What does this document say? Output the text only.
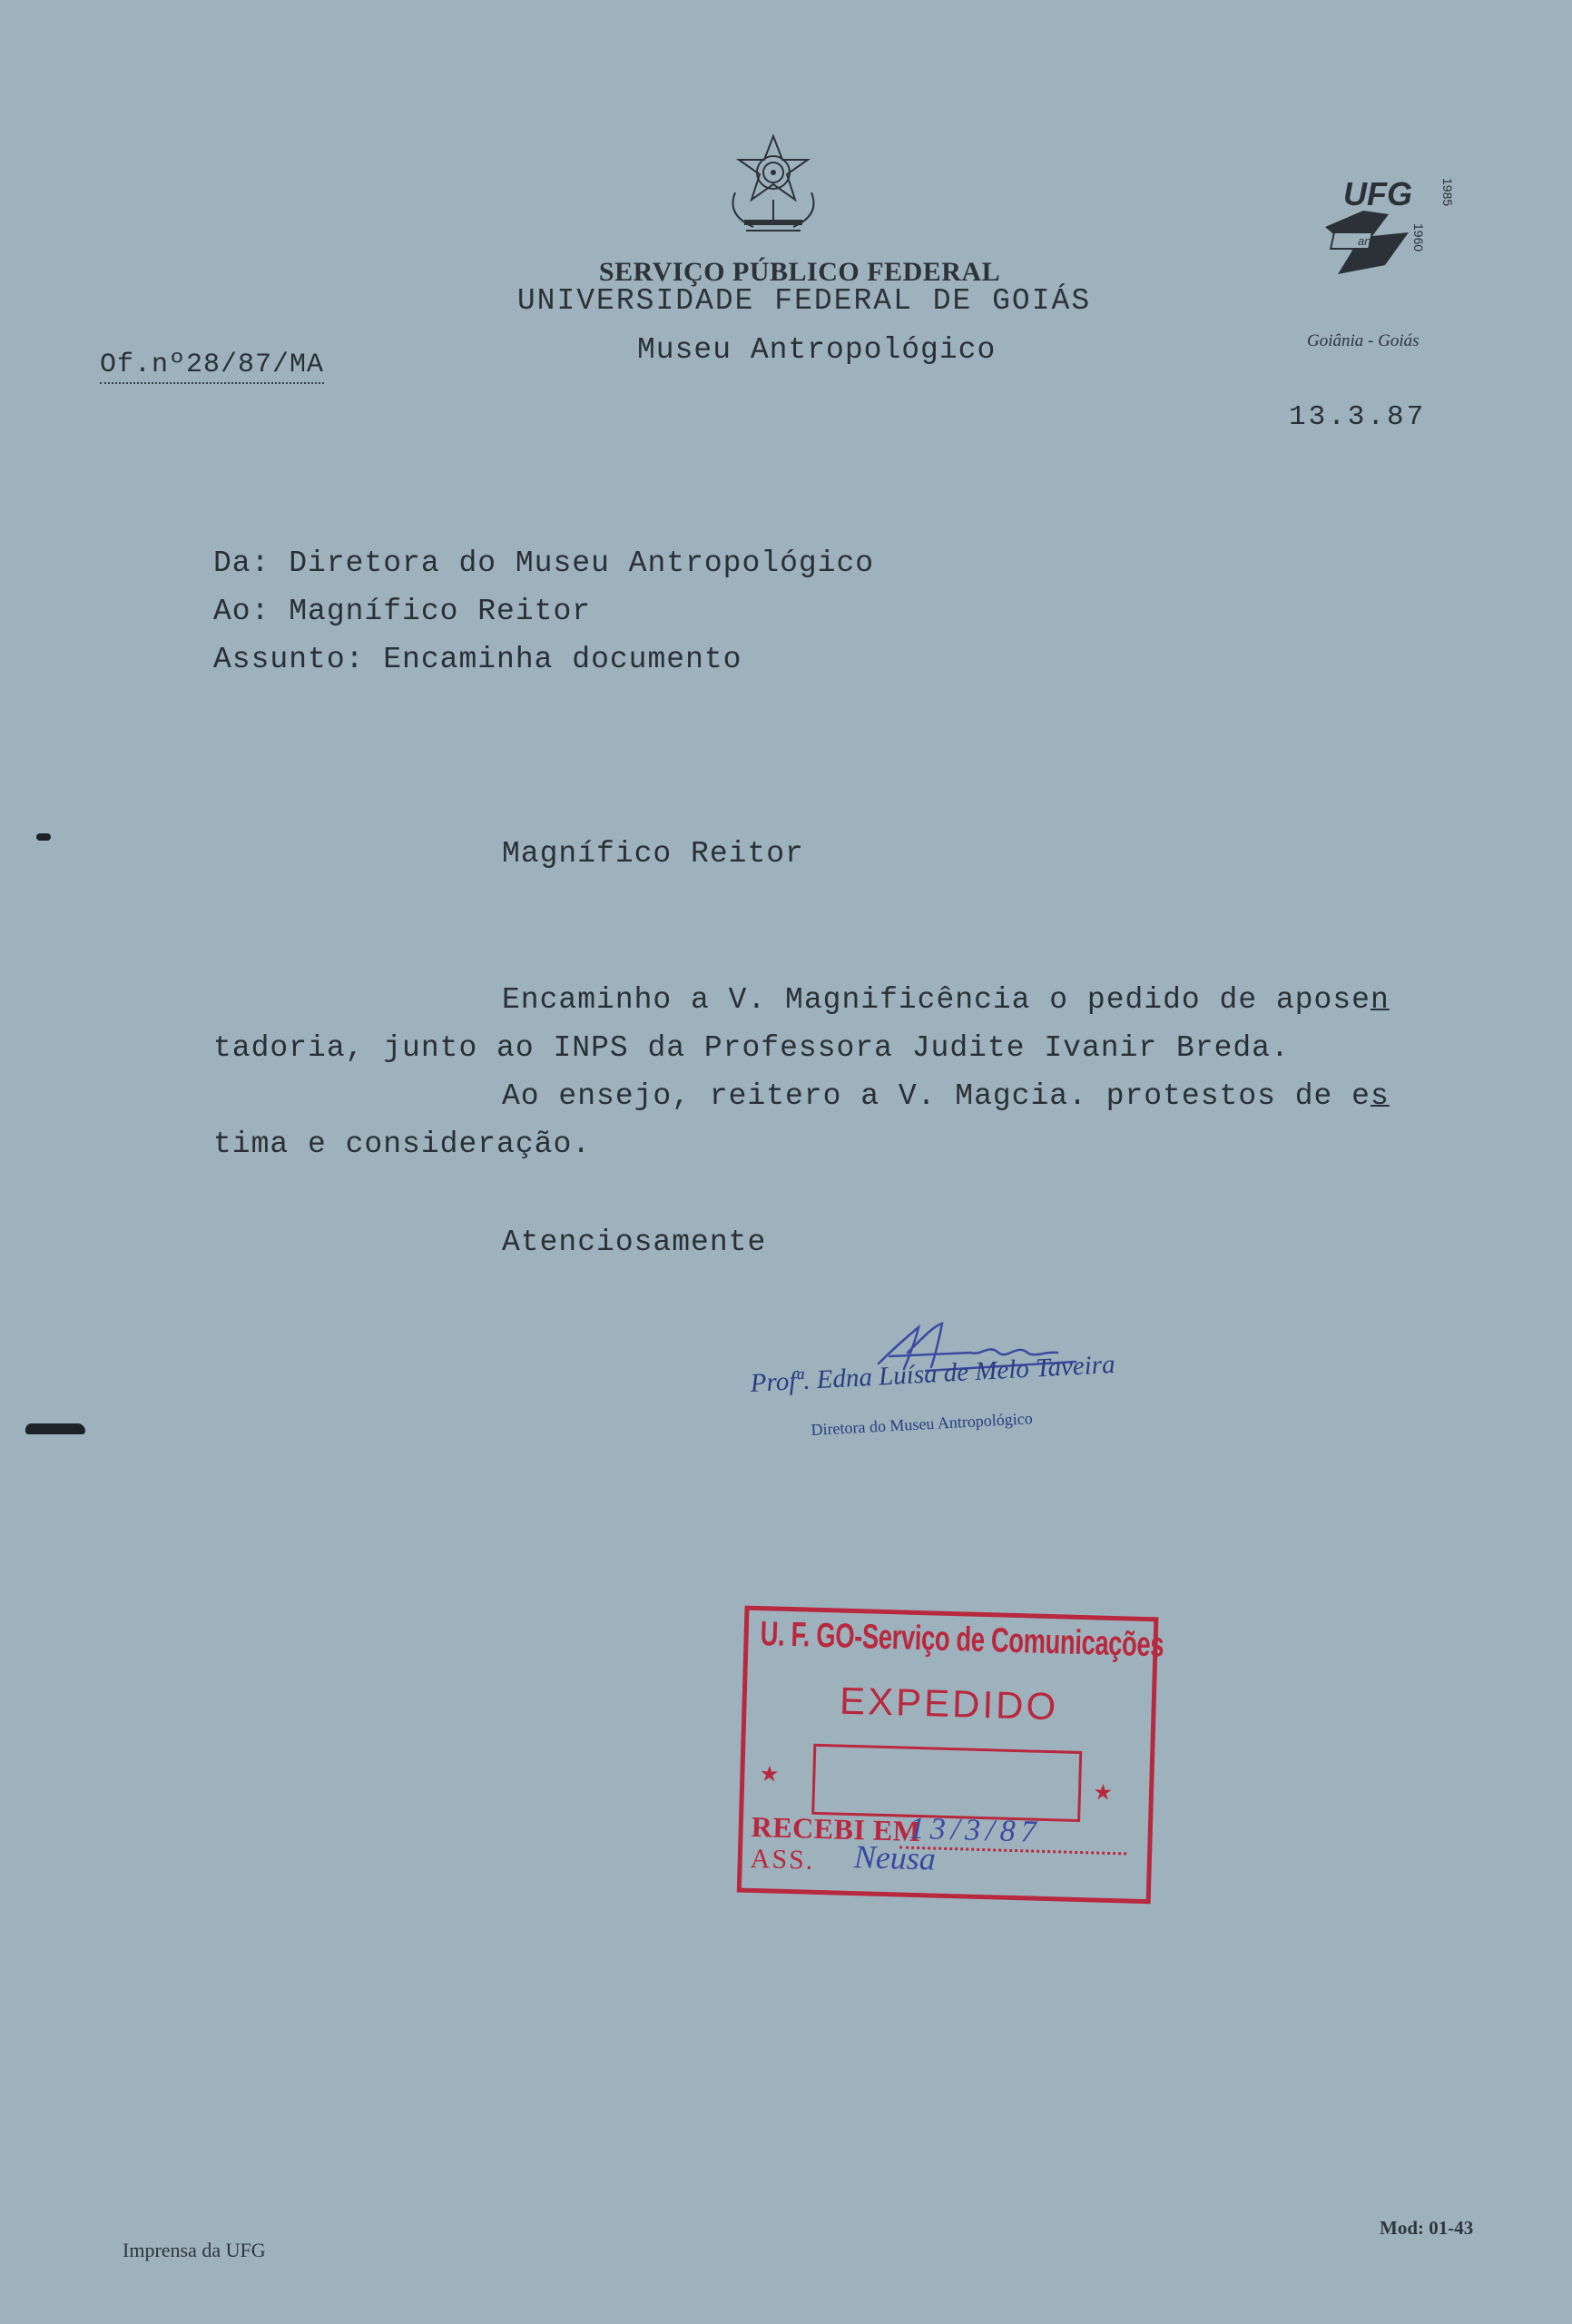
SERVIÇO PÚBLICO FEDERAL
UNIVERSIDADE FEDERAL DE GOIÁS
Museu Antropológico
UFG 1985
anos 1960
Goiânia - Goiás
Of.nº28/87/MA
13.3.87
Da: Diretora do Museu Antropológico
Ao: Magnífico Reitor
Assunto: Encaminha documento
Magnífico Reitor
Encaminho a V. Magnificência o pedido de aposen
tadoria, junto ao INPS da Professora Judite Ivanir Breda.
Ao ensejo, reitero a V. Magcia. protestos de es
tima e consideração.
Atenciosamente
Profª. Edna Luísa de Melo Taveira
Diretora do Museu Antropológico
U. F. GO-Serviço de Comunicações
EXPEDIDO
★
★
RECEBI EM
13/3/87
ASS. Neusa
Imprensa da UFG
Mod: 01-43
